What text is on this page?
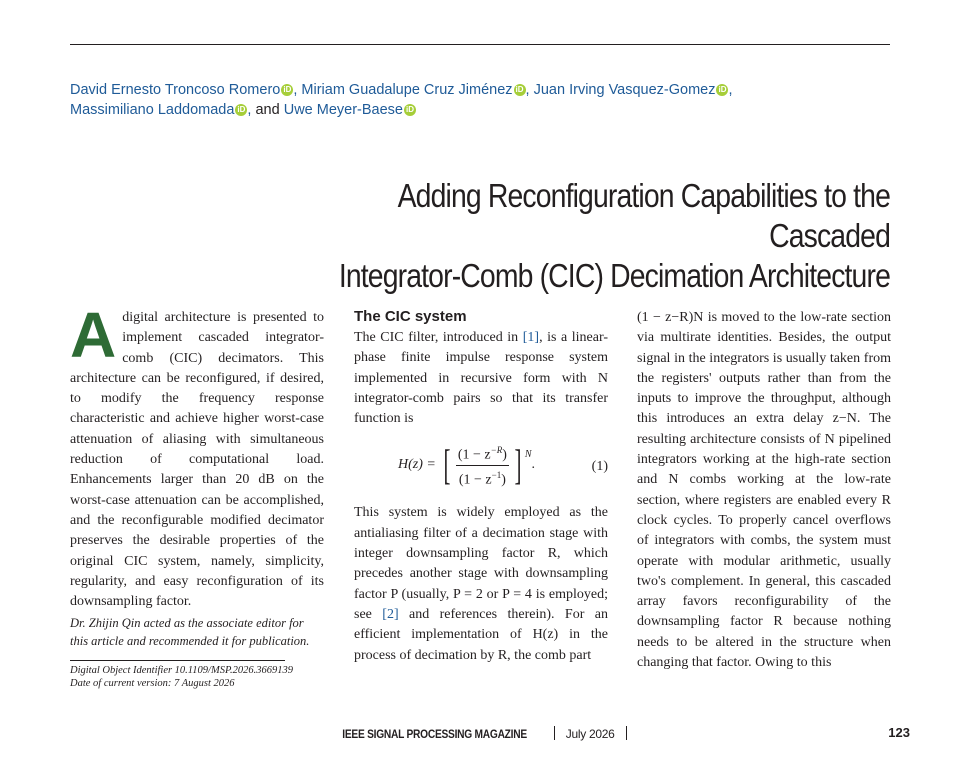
David Ernesto Troncoso Romero iD , Miriam Guadalupe Cruz Jiménez iD , Juan Irving Vasquez-Gomez iD ,
Massimiliano Laddomada iD , and Uwe Meyer-Baese iD
Adding Reconfiguration Capabilities to the Cascaded
Integrator-Comb (CIC) Decimation Architecture
Adigital architecture is presented to implement cascaded integrator-comb (CIC) decimators. This architecture can be reconfigured, if desired, to modify the frequency response characteristic and achieve higher worst-case attenuation of aliasing with simultaneous reduction of computational load. Enhancements larger than 20 dB on the worst-case attenuation can be accomplished, and the reconfigurable modified decimator preserves the desirable properties of the original CIC system, namely, simplicity, regularity, and easy reconfiguration of its downsampling factor.
Dr. Zhijin Qin acted as the associate editor for this article and recommended it for publication.
Digital Object Identifier 10.1109/MSP.2026.3669139
Date of current version: 7 August 2026
The CIC system
The CIC filter, introduced in [1], is a linear-phase finite impulse response system implemented in recursive form with N integrator-comb pairs so that its transfer function is
H(z) = [ $\frac{(1 - z^{-R})}{(1 - z^{-1})}$ ] $^N$
.	(1)
This system is widely employed as the antialiasing filter of a decimation stage with integer downsampling factor R, which precedes another stage with downsampling factor P (usually, P = 2 or P = 4 is employed; see [2] and references therein). For an efficient implementation of H(z) in the process of decimation by R, the comb part
(1 − z−R)N is moved to the low-rate section via multirate identities. Besides, the output signal in the integrators is usually taken from the registers' outputs rather than from the inputs to improve the throughput, although this introduces an extra delay z−N. The resulting architecture consists of N pipelined integrators working at the high-rate section and N combs working at the low-rate section, where registers are enabled every R clock cycles. To properly cancel overflows of integrators with combs, the system must operate with modular arithmetic, usually two's complement. In general, this cascaded array favors reconfigurability of the downsampling factor R because nothing needs to be altered in the structure when changing that factor. Owing to this
IEEE SIGNAL PROCESSING MAGAZINE	July 2026	123
